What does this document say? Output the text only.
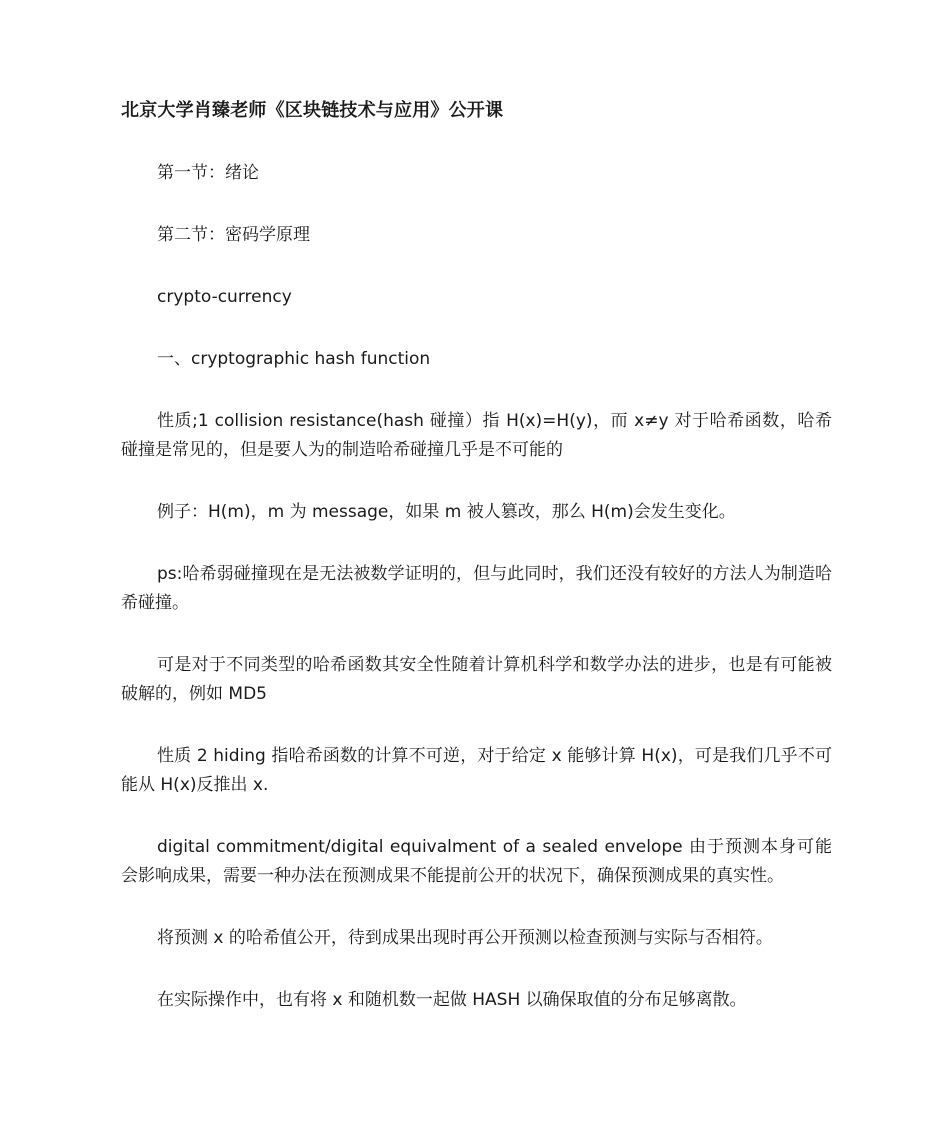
北京大学肖臻老师《区块链技术与应用》公开课

第一节：绪论

第二节：密码学原理

crypto-currency

一、cryptographic hash function

性质;1 collision resistance(hash 碰撞）指 H(x)=H(y)，而 x≠y 对于哈希函数，哈希碰撞是常见的，但是要人为的制造哈希碰撞几乎是不可能的

例子：H(m)，m 为 message，如果 m 被人篡改，那么 H(m)会发生变化。

ps:哈希弱碰撞现在是无法被数学证明的，但与此同时，我们还没有较好的方法人为制造哈希碰撞。

可是对于不同类型的哈希函数其安全性随着计算机科学和数学办法的进步，也是有可能被破解的，例如 MD5

性质 2 hiding 指哈希函数的计算不可逆，对于给定 x 能够计算 H(x)，可是我们几乎不可能从 H(x)反推出 x.

digital commitment/digital equivalment of a sealed envelope 由于预测本身可能会影响成果，需要一种办法在预测成果不能提前公开的状况下，确保预测成果的真实性。

将预测 x 的哈希值公开，待到成果出现时再公开预测以检查预测与实际与否相符。

在实际操作中，也有将 x 和随机数一起做 HASH 以确保取值的分布足够离散。
